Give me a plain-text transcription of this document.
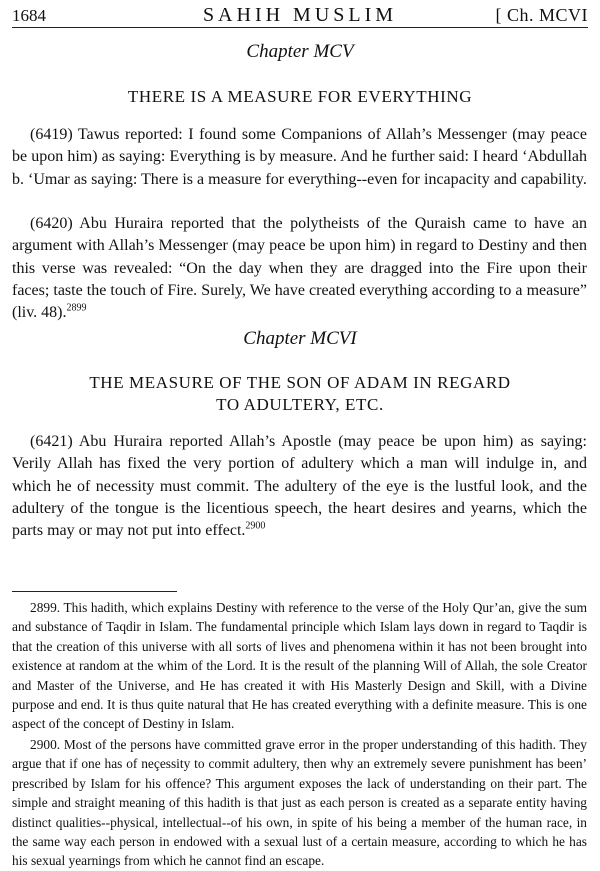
1684	SAHIH MUSLIM	[ Ch. MCVI
Chapter MCV
THERE IS A MEASURE FOR EVERYTHING

(6419) Tawus reported: I found some Companions of Allah’s Messenger (may peace be upon him) as saying: Everything is by measure. And he further said: I heard ‘Abdullah b. ‘Umar as saying: There is a measure for everything--even for incapacity and capability.

(6420) Abu Huraira reported that the polytheists of the Quraish came to have an argument with Allah’s Messenger (may peace be upon him) in regard to Destiny and then this verse was revealed: “On the day when they are dragged into the Fire upon their faces; taste the touch of Fire. Surely, We have created everything according to a measure” (liv. 48).$^{2899}$

Chapter MCVI
THE MEASURE OF THE SON OF ADAM IN REGARD
TO ADULTERY, ETC.

(6421) Abu Huraira reported Allah’s Apostle (may peace be upon him) as saying: Verily Allah has fixed the very portion of adultery which a man will indulge in, and which he of necessity must commit. The adultery of the eye is the lustful look, and the adultery of the tongue is the licentious speech, the heart desires and yearns, which the parts may or may not put into effect.$^{2900}$

2899. This hadith, which explains Destiny with reference to the verse of the Holy Qur’an, give the sum and substance of Taqdir in Islam. The fundamental principle which Islam lays down in regard to Taqdir is that the creation of this universe with all sorts of lives and phenomena within it has not been brought into existence at random at the whim of the Lord. It is the result of the planning Will of Allah, the sole Creator and Master of the Universe, and He has created it with His Masterly Design and Skill, with a Divine purpose and end. It is thus quite natural that He has created everything with a definite measure. This is one aspect of the concept of Destiny in Islam.

2900. Most of the persons have committed grave error in the proper understanding of this hadith. They argue that if one has of neçessity to commit adultery, then why an extremely severe punishment has been’ prescribed by Islam for his offence? This argument exposes the lack of understanding on their part. The simple and straight meaning of this hadith is that just as each person is created as a separate entity having distinct qualities--physical, intellectual--of his own, in spite of his being a member of the human race, in the same way each person in endowed with a sexual lust of a certain measure, according to which he has his sexual yearnings from which he cannot find an escape.
